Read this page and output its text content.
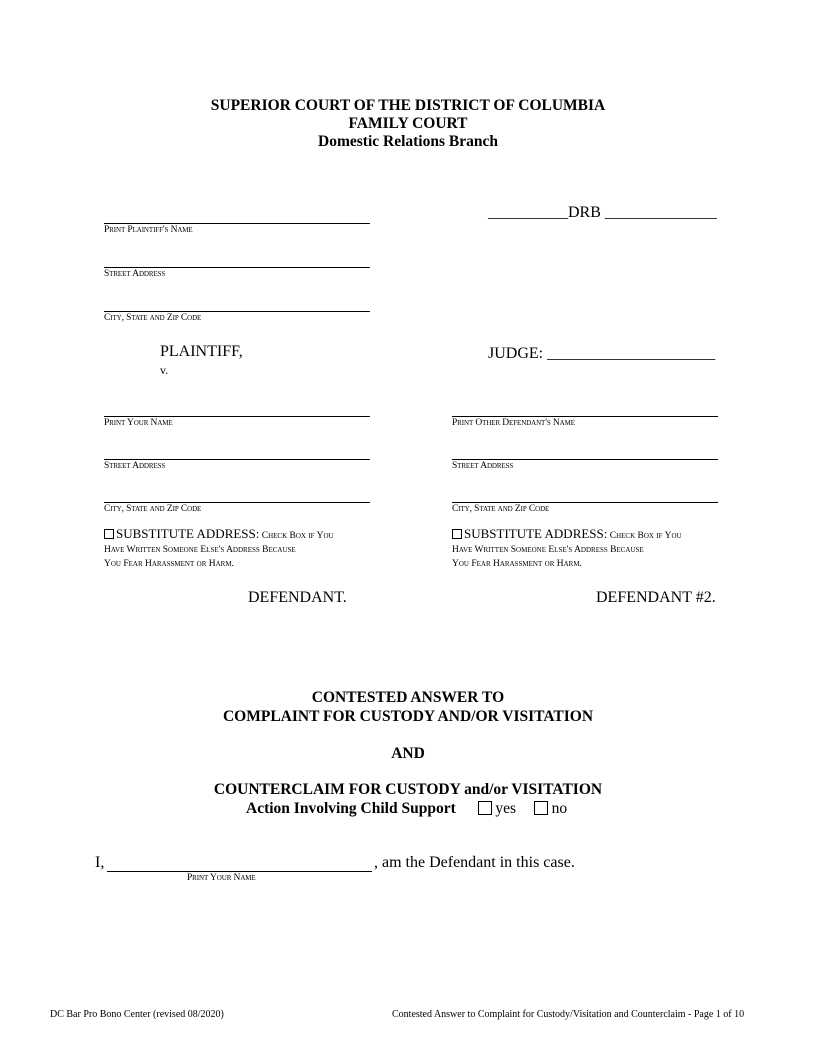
SUPERIOR COURT OF THE DISTRICT OF COLUMBIA
FAMILY COURT
Domestic Relations Branch
__________DRB ______________
JUDGE: _____________________
Print Plaintiff's Name
Street Address
City, State and Zip Code
PLAINTIFF,
v.
Print Your Name
Street Address
City, State and Zip Code
SUBSTITUTE ADDRESS: Check Box if You
Have Written Someone Else's Address Because
You Fear Harassment or Harm.
DEFENDANT.
Print Other Defendant's Name
Street Address
City, State and Zip Code
SUBSTITUTE ADDRESS: Check Box if You
Have Written Someone Else's Address Because
You Fear Harassment or Harm.
DEFENDANT #2.
CONTESTED ANSWER TO
COMPLAINT FOR CUSTODY AND/OR VISITATION
AND
COUNTERCLAIM FOR CUSTODY and/or VISITATION
Action Involving Child Support	yes no
I,	, am the Defendant in this case.
Print Your Name
DC Bar Pro Bono Center (revised 08/2020)	Contested Answer to Complaint for Custody/Visitation and Counterclaim - Page 1 of 10
